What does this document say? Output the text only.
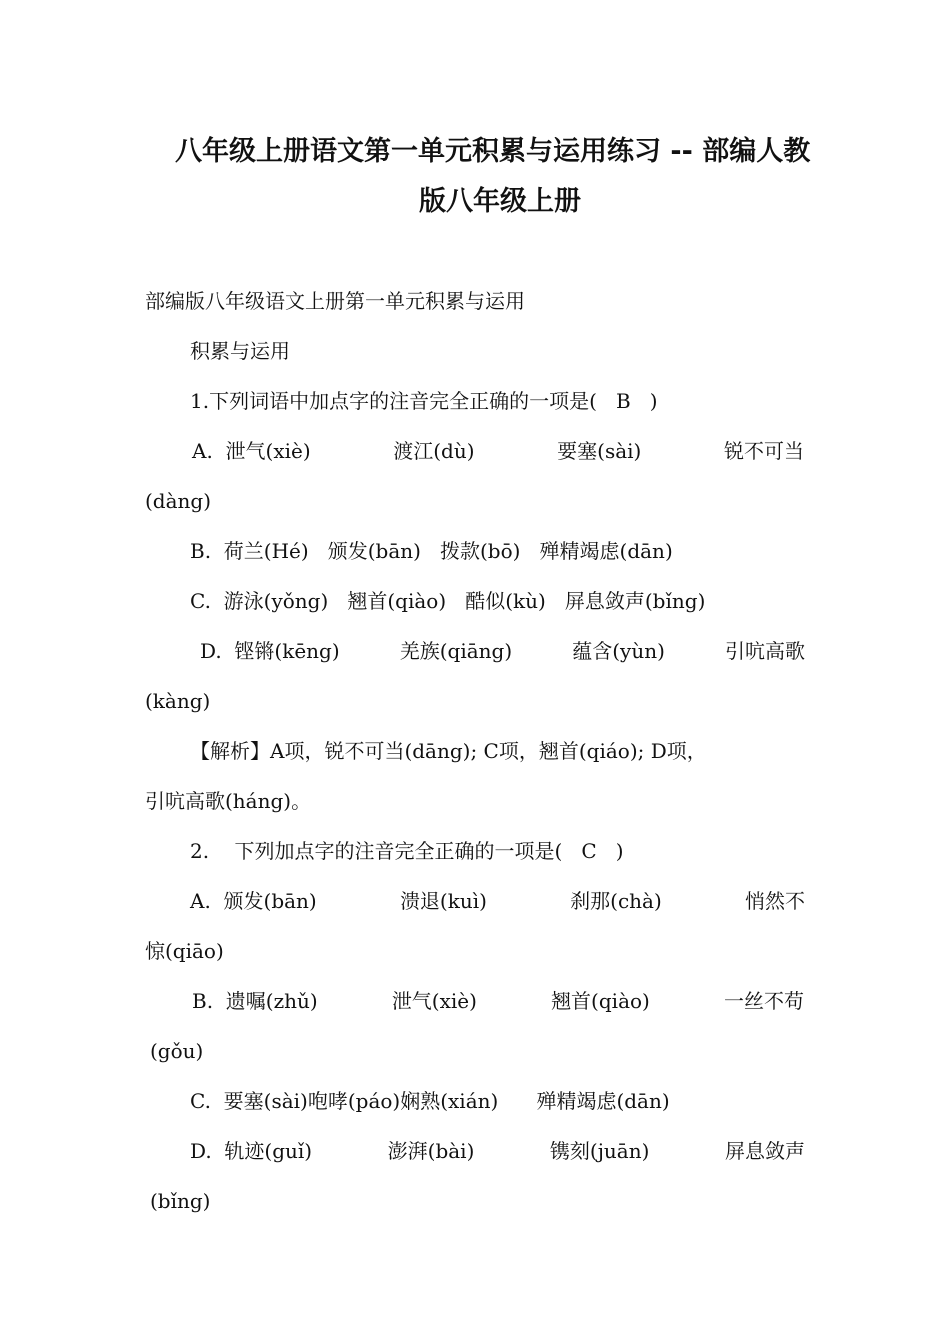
八年级上册语文第一单元积累与运用练习 -- 部编人教
版八年级上册

部编版八年级语文上册第一单元积累与运用

积累与运用

1.下列词语中加点字的注音完全正确的一项是(   B   )

A.  泄气(xiè)	渡江(dù)	要塞(sài)	锐不可当

(dàng)

B.  荷兰(Hé)   颁发(bān)   拨款(bō)   殚精竭虑(dān)

C.  游泳(yǒng)   翘首(qiào)   酷似(kù)   屏息敛声(bǐng)

D.  铿锵(kēng)	羌族(qiāng)	蕴含(yùn)	引吭高歌

(kàng)

【解析】A项，锐不可当(dāng); C项，翘首(qiáo); D项，

引吭高歌(háng)。

2.    下列加点字的注音完全正确的一项是(   C   )

A.  颁发(bān)	溃退(kuì)	刹那(chà)	悄然不

惊(qiāo)

B.  遗嘱(zhǔ)	泄气(xiè)	翘首(qiào)	一丝不苟

(gǒu)

C.  要塞(sài)咆哮(páo)娴熟(xián)      殚精竭虑(dān)

D.  轨迹(guǐ)	澎湃(bài)	镌刻(juān)	屏息敛声

(bǐng)
